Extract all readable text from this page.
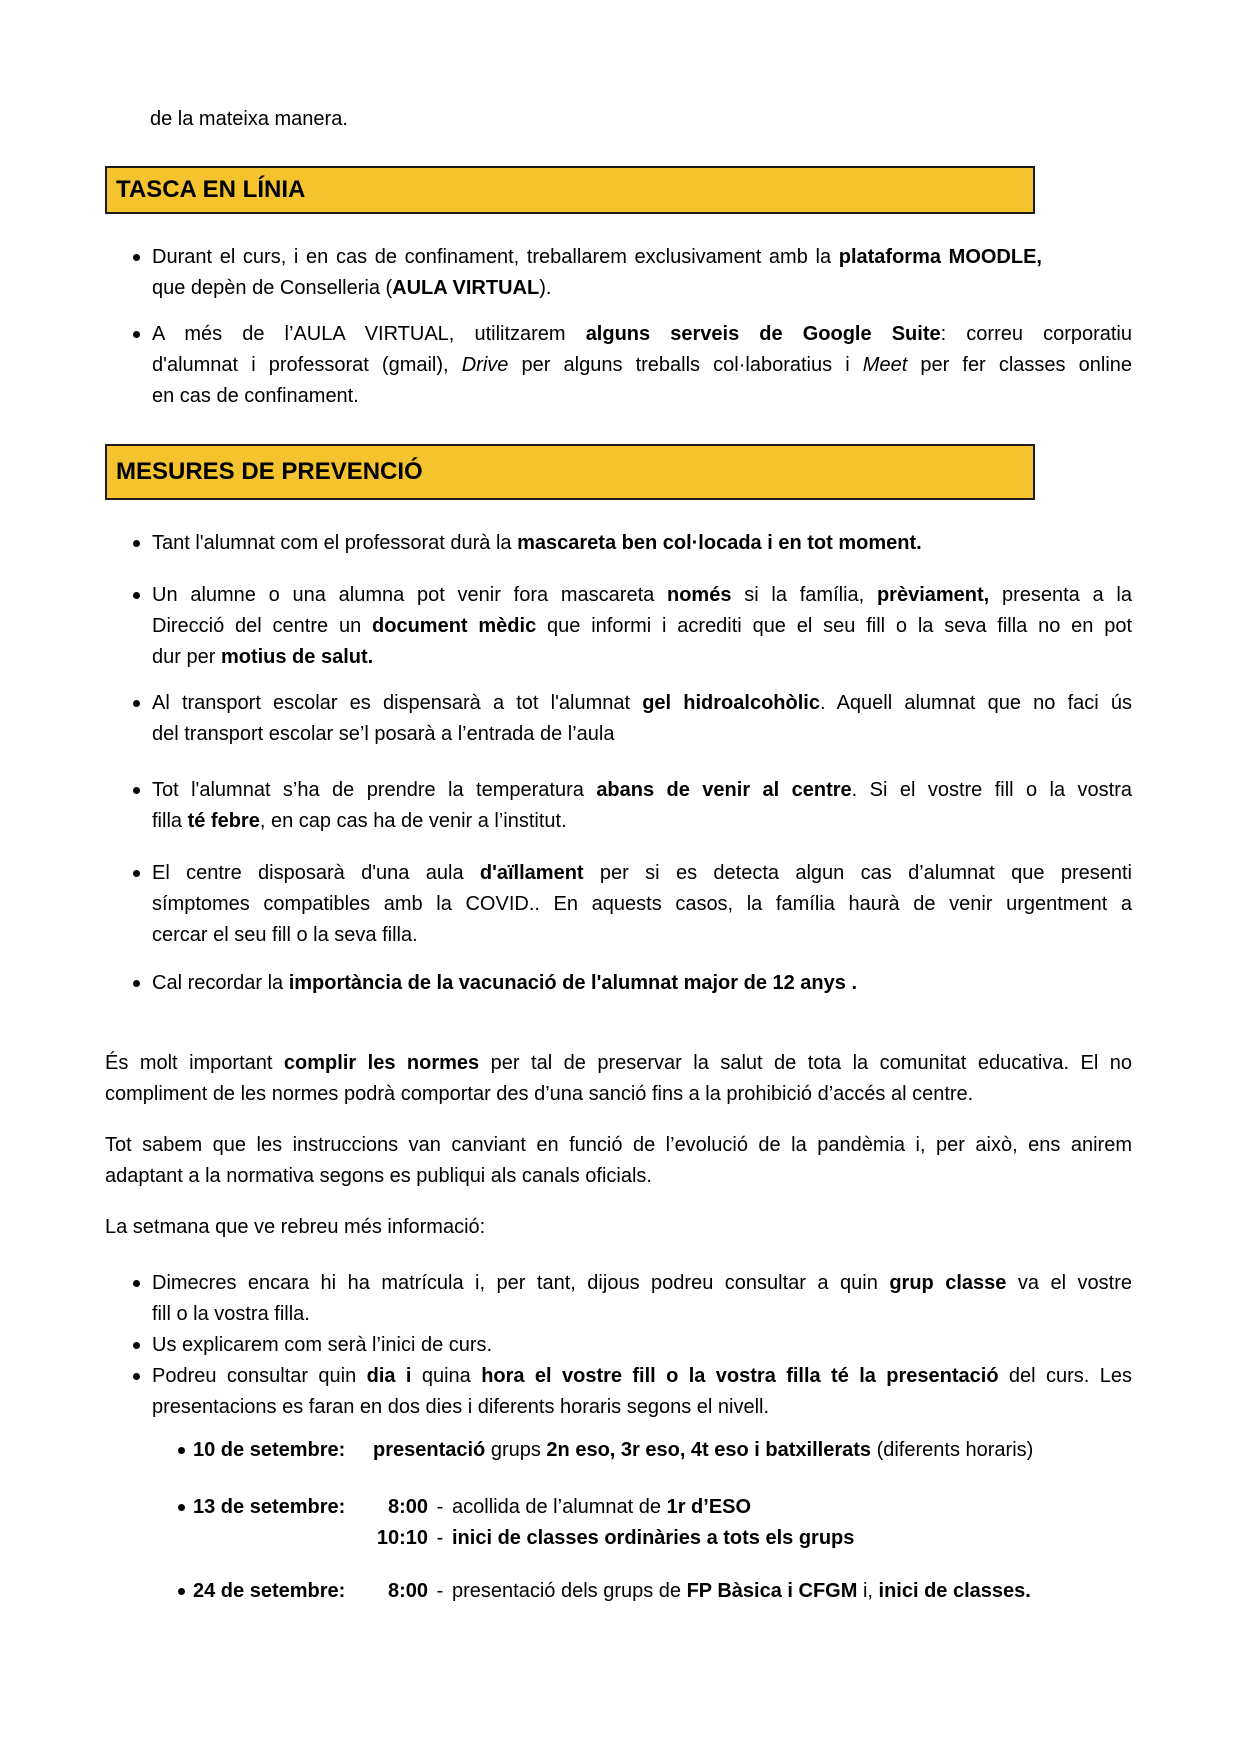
de la mateixa manera.
TASCA EN LÍNIA
Durant el curs, i en cas de confinament, treballarem exclusivament amb la plataforma MOODLE,
que depèn de Conselleria (AULA VIRTUAL).
A més de l’AULA VIRTUAL, utilitzarem alguns serveis de Google Suite: correu corporatiu
d'alumnat i professorat (gmail), Drive per alguns treballs col·laboratius i Meet per fer classes online
en cas de confinament.
MESURES DE PREVENCIÓ
Tant l'alumnat com el professorat durà la mascareta ben col·locada i en tot moment.
Un alumne o una alumna pot venir fora mascareta només si la família, prèviament, presenta a la
Direcció del centre un document mèdic que informi i acrediti que el seu fill o la seva filla no en pot
dur per motius de salut.
Al transport escolar es dispensarà a tot l'alumnat gel hidroalcohòlic. Aquell alumnat que no faci ús
del transport escolar se’l posarà a l’entrada de l’aula
Tot l'alumnat s’ha de prendre la temperatura abans de venir al centre. Si el vostre fill o la vostra
filla té febre, en cap cas ha de venir a l’institut.
El centre disposarà d'una aula d'aïllament per si es detecta algun cas d’alumnat que presenti
símptomes compatibles amb la COVID.. En aquests casos, la família haurà de venir urgentment a
cercar el seu fill o la seva filla.
Cal recordar la importància de la vacunació de l'alumnat major de 12 anys .
És molt important complir les normes per tal de preservar la salut de tota la comunitat educativa. El no
compliment de les normes podrà comportar des d’una sanció fins a la prohibició d’accés al centre.
Tot sabem que les instruccions van canviant en funció de l’evolució de la pandèmia i, per això, ens anirem
adaptant a la normativa segons es publiqui als canals oficials.
La setmana que ve rebreu més informació:
Dimecres encara hi ha matrícula i, per tant, dijous podreu consultar a quin grup classe va el vostre
fill o la vostra filla.
Us explicarem com serà l’inici de curs.
Podreu consultar quin dia i quina hora el vostre fill o la vostra filla té la presentació del curs. Les
presentacions es faran en dos dies i diferents horaris segons el nivell.
10 de setembre:	presentació grups 2n eso, 3r eso, 4t eso i batxillerats (diferents horaris)
13 de setembre:	8:00 - acollida de l’alumnat de 1r d’ESO
10:10 - inici de classes ordinàries a tots els grups
24 de setembre:	8:00 - presentació dels grups de FP Bàsica i CFGM i, inici de classes.
